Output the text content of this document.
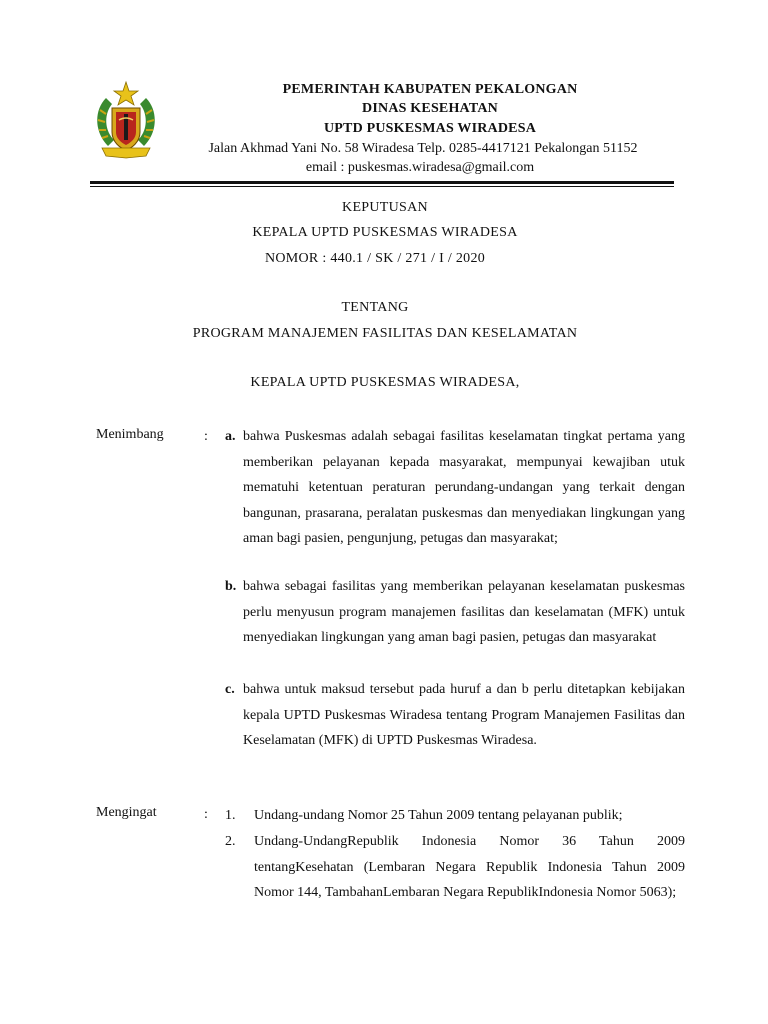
PEMERINTAH KABUPATEN PEKALONGAN
DINAS KESEHATAN
UPTD PUSKESMAS WIRADESA
Jalan Akhmad Yani No. 58 Wiradesa Telp. 0285-4417121 Pekalongan 51152
email : puskesmas.wiradesa@gmail.com
KEPUTUSAN
KEPALA UPTD PUSKESMAS WIRADESA
NOMOR : 440.1 / SK / 271 / I / 2020
TENTANG
PROGRAM MANAJEMEN FASILITAS DAN KESELAMATAN
KEPALA UPTD PUSKESMAS WIRADESA,
Menimbang	: a. bahwa Puskesmas adalah sebagai fasilitas keselamatan tingkat pertama yang memberikan pelayanan kepada masyarakat, mempunyai kewajiban utuk mematuhi ketentuan peraturan perundang-undangan yang terkait dengan bangunan, prasarana, peralatan puskesmas dan menyediakan lingkungan yang aman bagi pasien, pengunjung, petugas dan masyarakat;
b. bahwa sebagai fasilitas yang memberikan pelayanan keselamatan puskesmas perlu menyusun program manajemen fasilitas dan keselamatan (MFK) untuk menyediakan lingkungan yang aman bagi pasien, petugas dan masyarakat
c. bahwa untuk maksud tersebut pada huruf a dan b perlu ditetapkan kebijakan kepala UPTD Puskesmas Wiradesa tentang Program Manajemen Fasilitas dan Keselamatan (MFK) di UPTD Puskesmas Wiradesa.
Mengingat	: 1. Undang-undang Nomor 25 Tahun 2009 tentang pelayanan publik;
2. Undang-UndangRepublik Indonesia Nomor 36 Tahun 2009 tentangKesehatan (Lembaran Negara Republik Indonesia Tahun 2009 Nomor 144, TambahanLembaran Negara RepublikIndonesia Nomor 5063);
